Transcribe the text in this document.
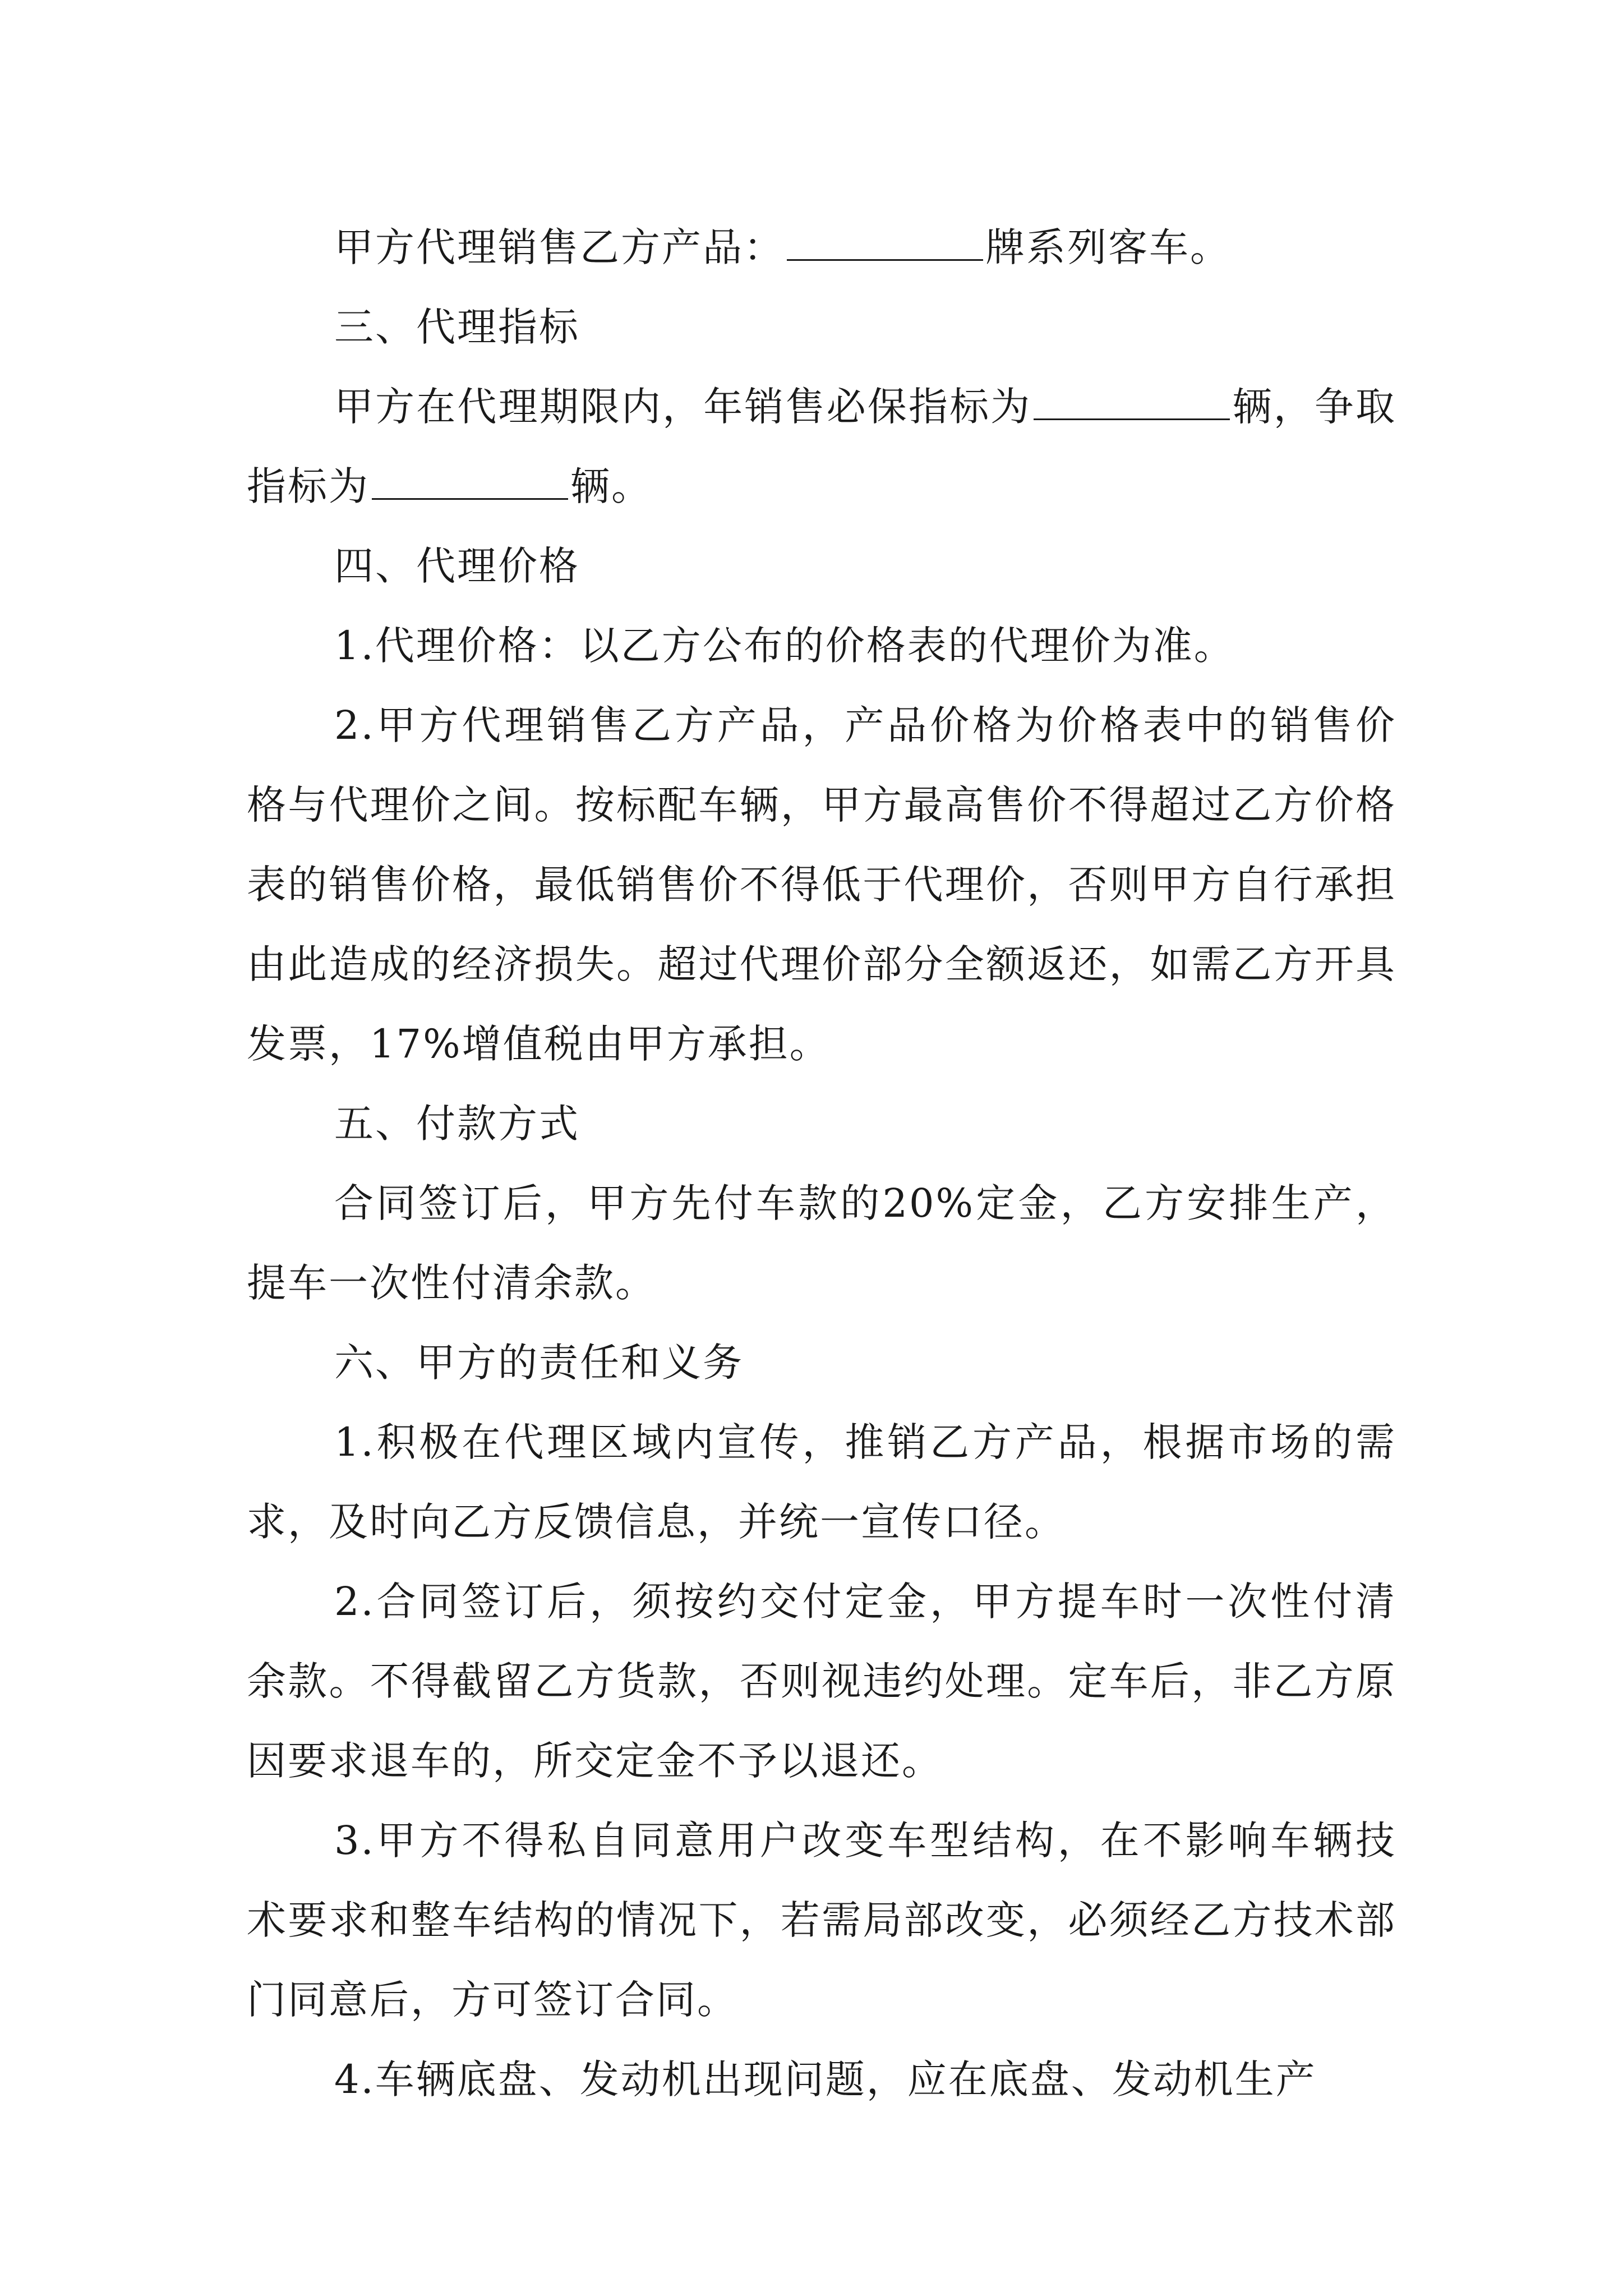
甲方代理销售乙方产品：	牌系列客车。

三、代理指标

甲方在代理期限内，年销售必保指标为	辆，争取指标为	辆。

四、代理价格

1.代理价格：以乙方公布的价格表的代理价为准。

2.甲方代理销售乙方产品，产品价格为价格表中的销售价格与代理价之间。按标配车辆，甲方最高售价不得超过乙方价格表的销售价格，最低销售价不得低于代理价，否则甲方自行承担由此造成的经济损失。超过代理价部分全额返还，如需乙方开具发票，17%增值税由甲方承担。

五、付款方式

合同签订后，甲方先付车款的20%定金，乙方安排生产，提车一次性付清余款。

六、甲方的责任和义务

1.积极在代理区域内宣传，推销乙方产品，根据市场的需求，及时向乙方反馈信息，并统一宣传口径。

2.合同签订后，须按约交付定金，甲方提车时一次性付清余款。不得截留乙方货款，否则视违约处理。定车后，非乙方原因要求退车的，所交定金不予以退还。

3.甲方不得私自同意用户改变车型结构，在不影响车辆技术要求和整车结构的情况下，若需局部改变，必须经乙方技术部门同意后，方可签订合同。

4.车辆底盘、发动机出现问题，应在底盘、发动机生产
